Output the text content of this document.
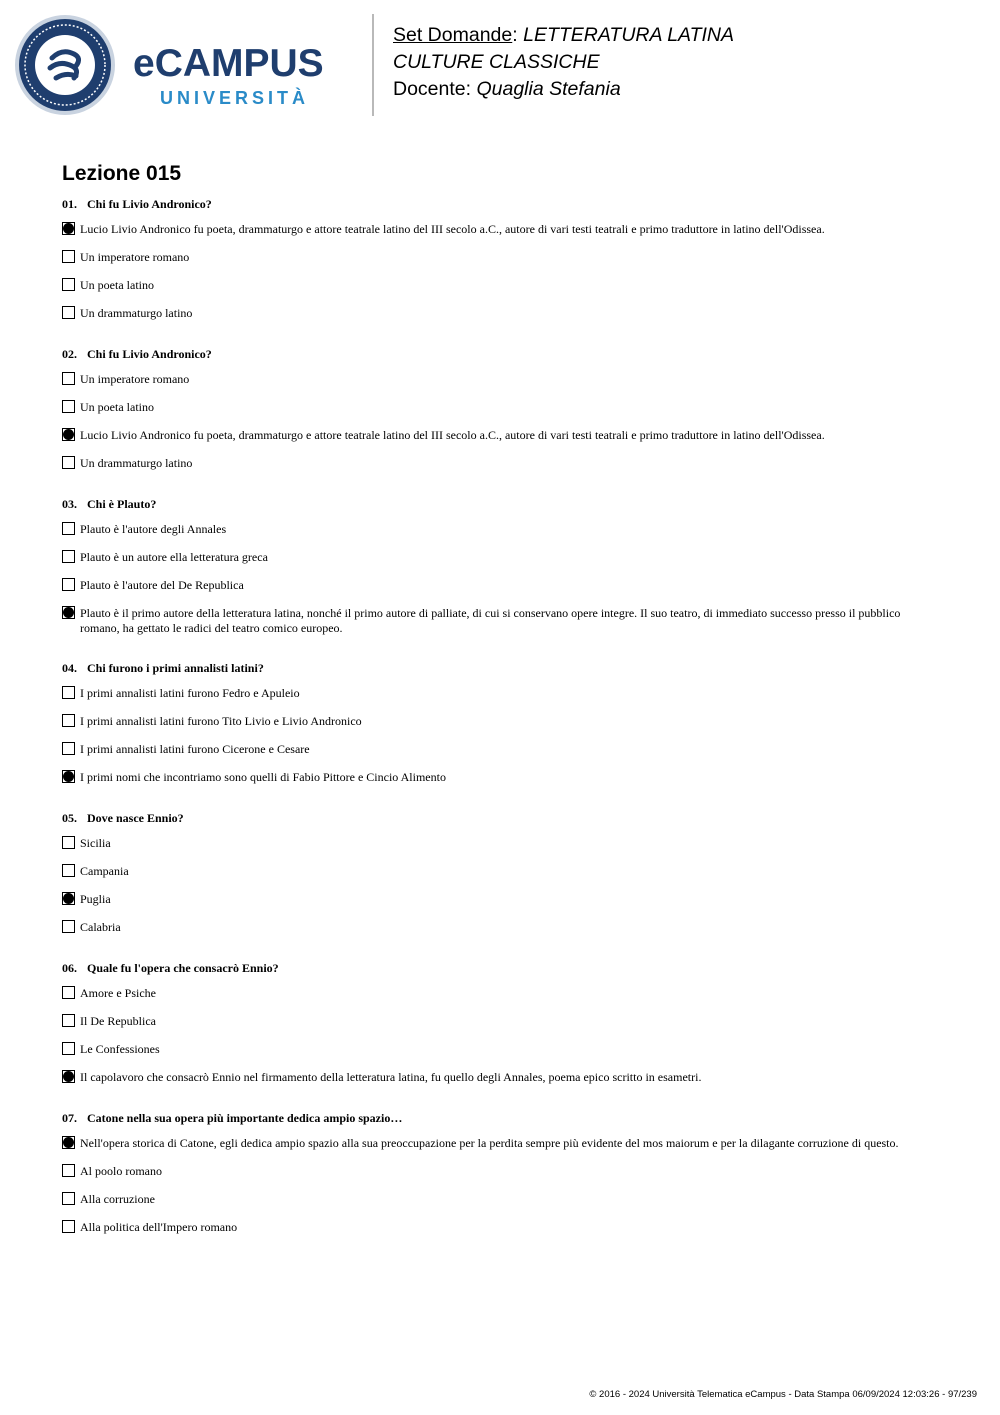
eCAMPUS
UNIVERSITÀ
Set Domande: LETTERATURA LATINA
CULTURE CLASSICHE
Docente: Quaglia Stefania
Lezione 015
01. Chi fu Livio Andronico?
Lucio Livio Andronico fu poeta, drammaturgo e attore teatrale latino del III secolo a.C., autore di vari testi teatrali e primo traduttore in latino dell'Odissea.
Un imperatore romano
Un poeta latino
Un drammaturgo latino
02. Chi fu Livio Andronico?
Un imperatore romano
Un poeta latino
Lucio Livio Andronico fu poeta, drammaturgo e attore teatrale latino del III secolo a.C., autore di vari testi teatrali e primo traduttore in latino dell'Odissea.
Un drammaturgo latino
03. Chi è Plauto?
Plauto è l'autore degli Annales
Plauto è un autore ella letteratura greca
Plauto è l'autore del De Republica
Plauto è il primo autore della letteratura latina, nonché il primo autore di palliate, di cui si conservano opere integre. Il suo teatro, di immediato successo presso il pubblico romano, ha gettato le radici del teatro comico europeo.
04. Chi furono i primi annalisti latini?
I primi annalisti latini furono Fedro e Apuleio
I primi annalisti latini furono Tito Livio e Livio Andronico
I primi annalisti latini furono Cicerone e Cesare
I primi nomi che incontriamo sono quelli di Fabio Pittore e Cincio Alimento
05. Dove nasce Ennio?
Sicilia
Campania
Puglia
Calabria
06. Quale fu l'opera che consacrò Ennio?
Amore e Psiche
Il De Republica
Le Confessiones
Il capolavoro che consacrò Ennio nel firmamento della letteratura latina, fu quello degli Annales, poema epico scritto in esametri.
07. Catone nella sua opera più importante dedica ampio spazio…
Nell'opera storica di Catone, egli dedica ampio spazio alla sua preoccupazione per la perdita sempre più evidente del mos maiorum e per la dilagante corruzione di questo.
Al poolo romano
Alla corruzione
Alla politica dell'Impero romano
© 2016 - 2024 Università Telematica eCampus - Data Stampa 06/09/2024 12:03:26 - 97/239
